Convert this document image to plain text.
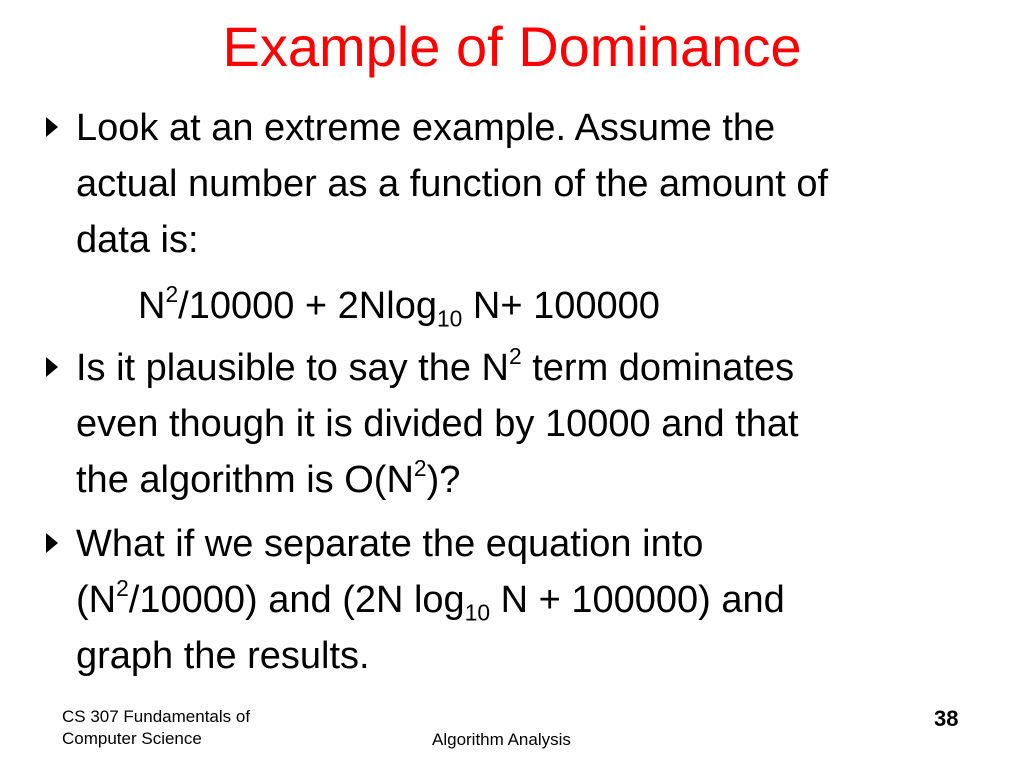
Example of Dominance
Look at an extreme example. Assume the
actual number as a function of the amount of
data is:
$N^2/10000 + 2Nlog_{10}$ N+ 100000
Is it plausible to say the $N^2$ term dominates
even though it is divided by 10000 and that
the algorithm is $O(N^2)$?
What if we separate the equation into
$(N^2/10000)$ and (2N $\log_{10} N + 100000$) and
graph the results.
CS 307 Fundamentals of
Computer Science	Algorithm Analysis
38
